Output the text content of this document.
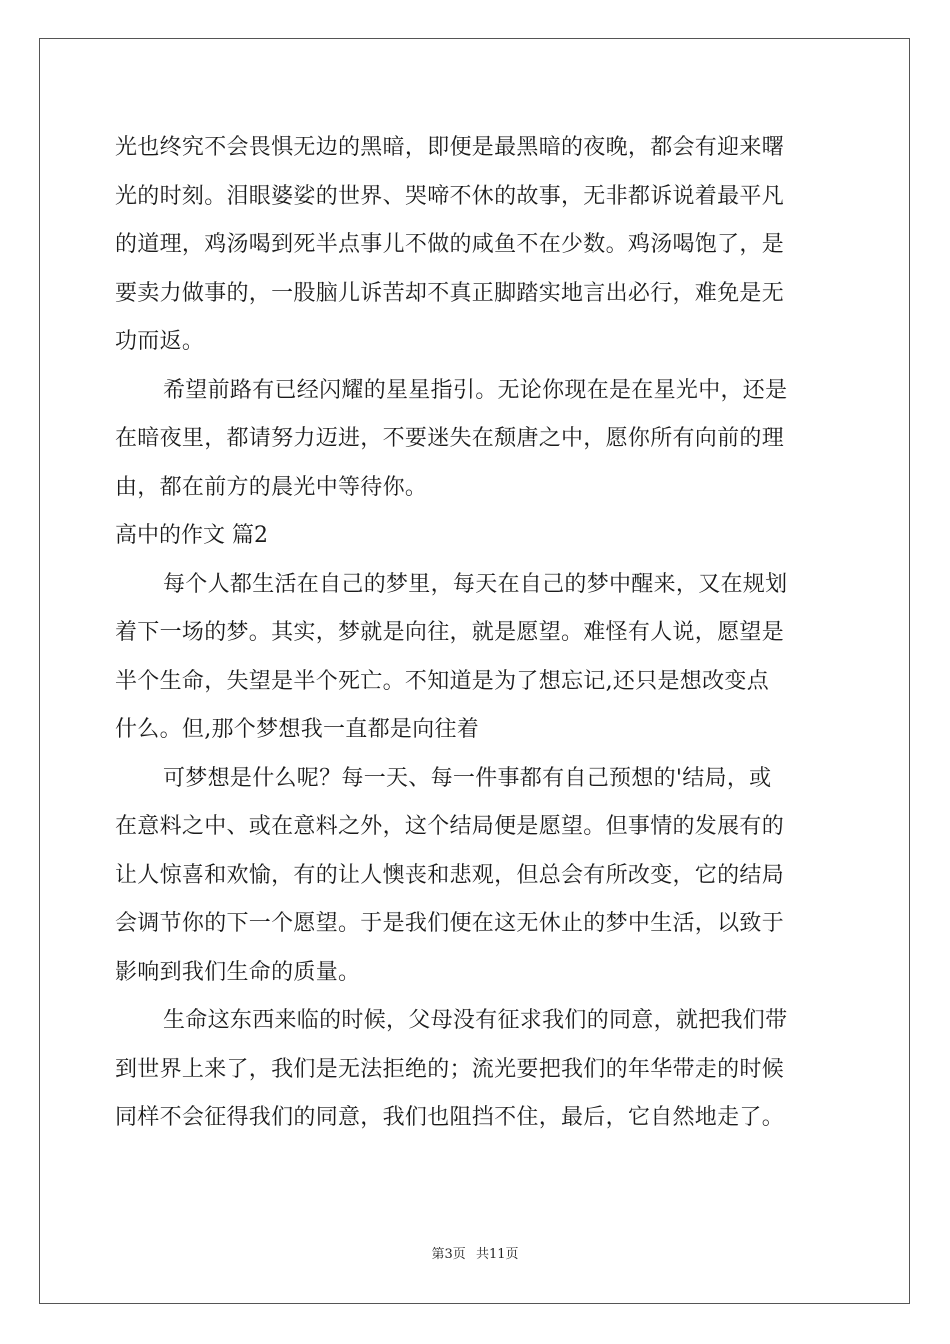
光也终究不会畏惧无边的黑暗，即便是最黑暗的夜晚，都会有迎来曙
光的时刻。泪眼婆娑的世界、哭啼不休的故事，无非都诉说着最平凡
的道理，鸡汤喝到死半点事儿不做的咸鱼不在少数。鸡汤喝饱了，是
要卖力做事的，一股脑儿诉苦却不真正脚踏实地言出必行，难免是无
功而返。
希望前路有已经闪耀的星星指引。无论你现在是在星光中，还是
在暗夜里，都请努力迈进，不要迷失在颓唐之中，愿你所有向前的理
由，都在前方的晨光中等待你。
高中的作文 篇2
每个人都生活在自己的梦里，每天在自己的梦中醒来，又在规划
着下一场的梦。其实，梦就是向往，就是愿望。难怪有人说，愿望是
半个生命，失望是半个死亡。不知道是为了想忘记,还只是想改变点
什么。但,那个梦想我一直都是向往着
可梦想是什么呢？每一天、每一件事都有自己预想的'结局，或
在意料之中、或在意料之外，这个结局便是愿望。但事情的发展有的
让人惊喜和欢愉，有的让人懊丧和悲观，但总会有所改变，它的结局
会调节你的下一个愿望。于是我们便在这无休止的梦中生活，以致于
影响到我们生命的质量。
生命这东西来临的时候，父母没有征求我们的同意，就把我们带
到世界上来了，我们是无法拒绝的；流光要把我们的年华带走的时候
同样不会征得我们的同意，我们也阻挡不住，最后，它自然地走了。
第3页 共11页
